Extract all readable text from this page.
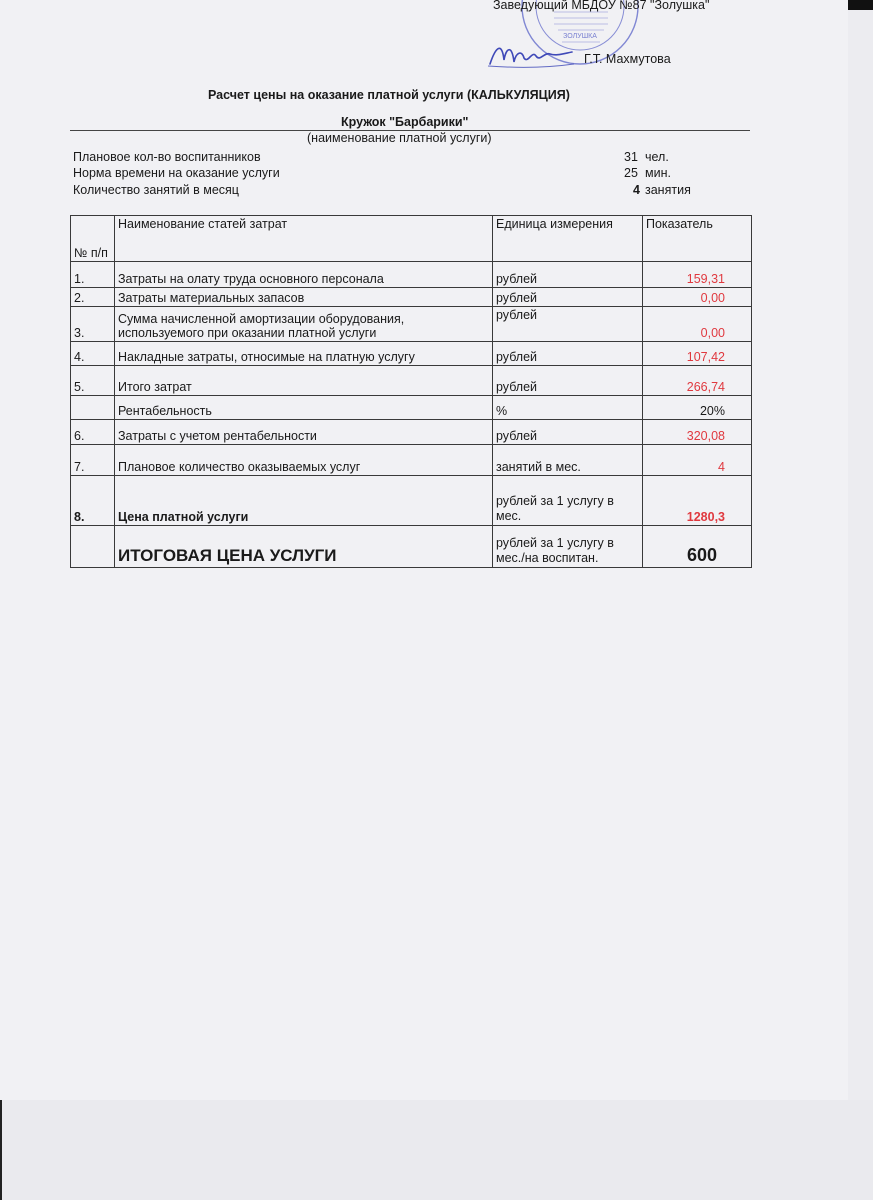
ЗОЛУШКА
Заведующий МБДОУ №87 "Золушка"
Г.Т. Махмутова
Расчет цены на оказание платной услуги (КАЛЬКУЛЯЦИЯ)
Кружок "Барбарики"
(наименование платной услуги)
Плановое кол-во воспитанников	31 чел.
Норма времени на оказание услуги	25 мин.
Количество занятий в месяц	4 занятия
№ п/п	Наименование статей затрат	Единица измерения	Показатель
1.	Затраты на олату труда основного персонала	рублей	159,31
2.	Затраты материальных запасов	рублей	0,00
3.	Сумма начисленной амортизации оборудования, используемого при оказании платной услуги	рублей	0,00
4.	Накладные затраты, относимые на платную услугу	рублей	107,42
5.	Итого затрат	рублей	266,74
	Рентабельность	%	20%
6.	Затраты с учетом рентабельности	рублей	320,08
7.	Плановое количество оказываемых услуг	занятий в мес.	4
8.	Цена платной услуги	рублей за 1 услугу в мес.	1280,3
	ИТОГОВАЯ ЦЕНА УСЛУГИ	рублей за 1 услугу в мес./на воспитан.	600
